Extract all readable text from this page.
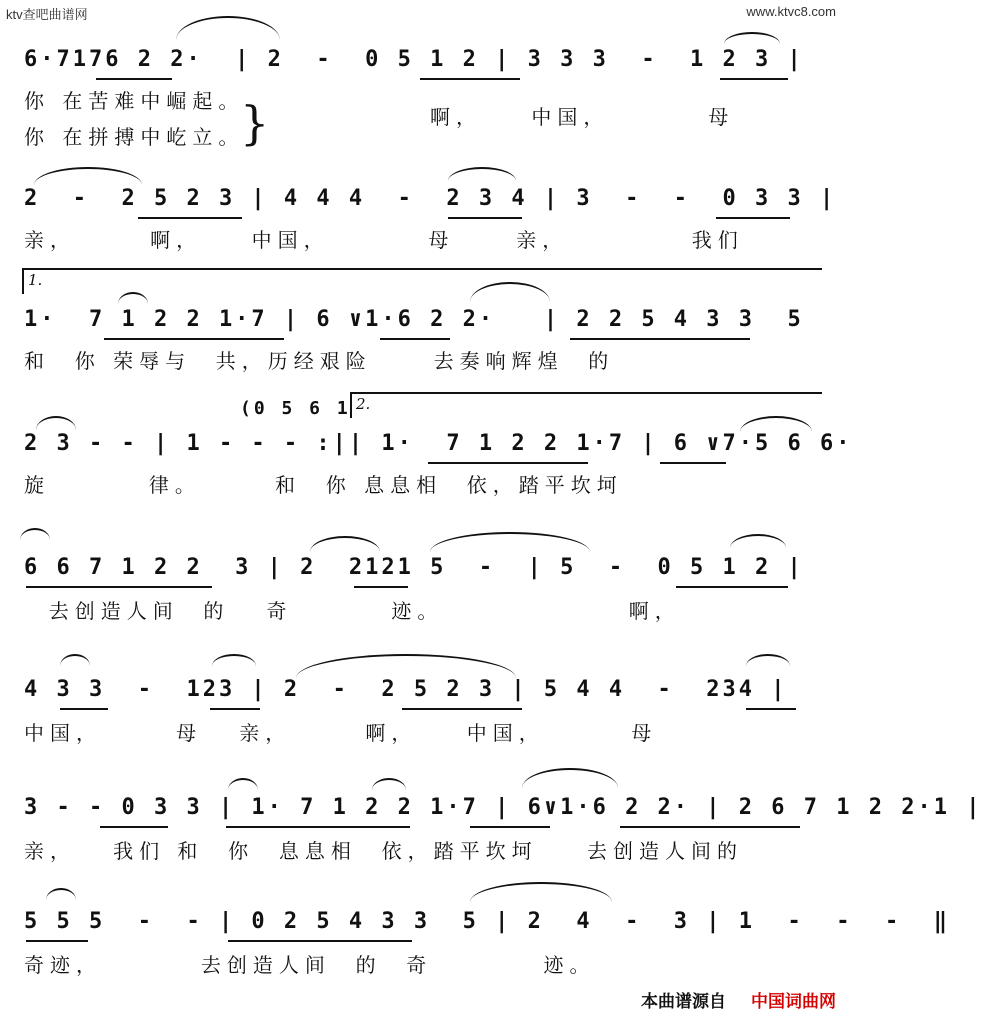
ktv查吧曲谱网	www.ktvc8.com
6·7176 2 2·  | 2  -  0 5 1 2 | 3 3 3  -  1 2 3 |
你 在苦难中崛起。
你 在拼搏中屹立。
}	啊，    中国，        母
2  -  2 5 2 3 | 4 4 4  -  2 3 4 | 3  -  -  0 3 3 |
亲，      啊，    中国，        母     亲，          我们
1.
1·  7 1 2 2 1·7 | 6 ∨1·6 2 2·   | 2 2 5 4 3 3  5
和  你 荣辱与  共，历经艰险     去奏响辉煌  的
(0 5 6 1 2.
2 3 - - | 1 - - - :|| 1·  7 1 2 2 1·7 | 6 ∨7·5 6 6·
旋        律。      和  你 息息相  依，踏平坎坷
6 6 7 1 2 2  3 | 2  2121 5  -  | 5  -  0 5 1 2 |
去创造人间  的   奇        迹。               啊，
4 3 3  -  123 | 2  -  2 5 2 3 | 5 4 4  -  234 |
中国，      母   亲，      啊，    中国，       母
3 - - 0 3 3 | 1· 7 1 2 2 1·7 | 6∨1·6 2 2· | 2 6 7 1 2 2·1 |
亲，   我们 和  你  息息相  依，踏平坎坷    去创造人间的
5 5 5  -  - | 0 2 5 4 3 3  5 | 2  4  -  3 | 1  -  -  -  ‖
奇迹，        去创造人间  的  奇         迹。
本曲谱源自 中国词曲网
